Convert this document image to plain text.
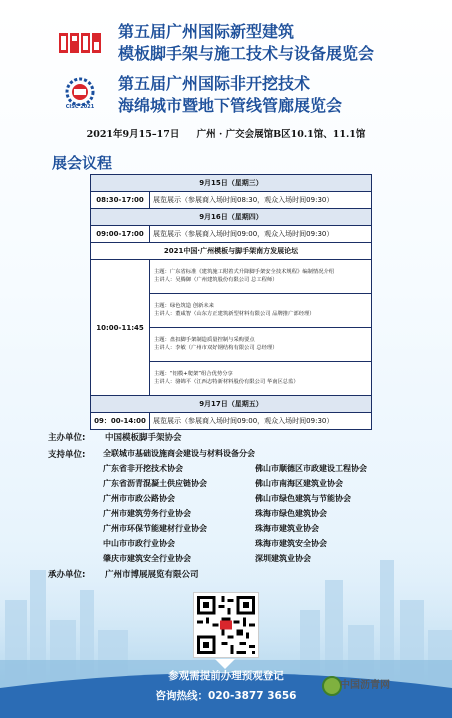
CISC 2021
第五届广州国际新型建筑
模板脚手架与施工技术与设备展览会
第五届广州国际非开挖技术
海绵城市暨地下管线管廊展览会
2021年9月15–17日 广州 · 广交会展馆B区10.1馆、11.1馆
展会议程
9月15日（星期三）	
08:30-17:00	展览展示（参展商入场时间08:30，观众入场时间09:30）
9月16日（星期四）	
09:00-17:00	展览展示（参展商入场时间09:00，观众入场时间09:30）
2021中国·广州模板与脚手架南方发展论坛	
10:00-11:45	主题：广东省标准《建筑施工附着式升降脚手架安全技术规程》编制情况介绍
主讲人：吴腾御（广州建筑股份有限公司 总工程师）

	主题：绿色筑造 创新未来
主讲人：董咸智（山东方正建筑新型材料有限公司 品牌推广部经理）

	主题：盘扣脚手架制造质量控制与采购要点
主讲人：李敏（广州市双好钢结构有限公司 总经理）

	主题：“铝模+爬架”组合优势分享
主讲人：骆锦平（江西志特新材料股份有限公司 华南区总监）

9月17日（星期五）	
09：00-14:00	展览展示（参展商入场时间09:00，观众入场时间09:30）
主办单位: 中国模板脚手架协会
支持单位: 全联城市基础设施商会建设与材料设备分会
广东省非开挖技术协会
广东省沥青混凝土供应链协会
广州市市政公路协会
广州市建筑劳务行业协会
广州市环保节能建材行业协会
中山市市政行业协会
肇庆市建筑安全行业协会
佛山市顺德区市政建设工程协会
佛山市南海区建筑业协会
佛山市绿色建筑与节能协会
珠海市绿色建筑协会
珠海市建筑业协会
珠海市建筑安全协会
深圳建筑业协会
承办单位: 广州市博展展览有限公司
参观需提前办理预观登记
咨询热线：020-3877 3656
中国沥青网
